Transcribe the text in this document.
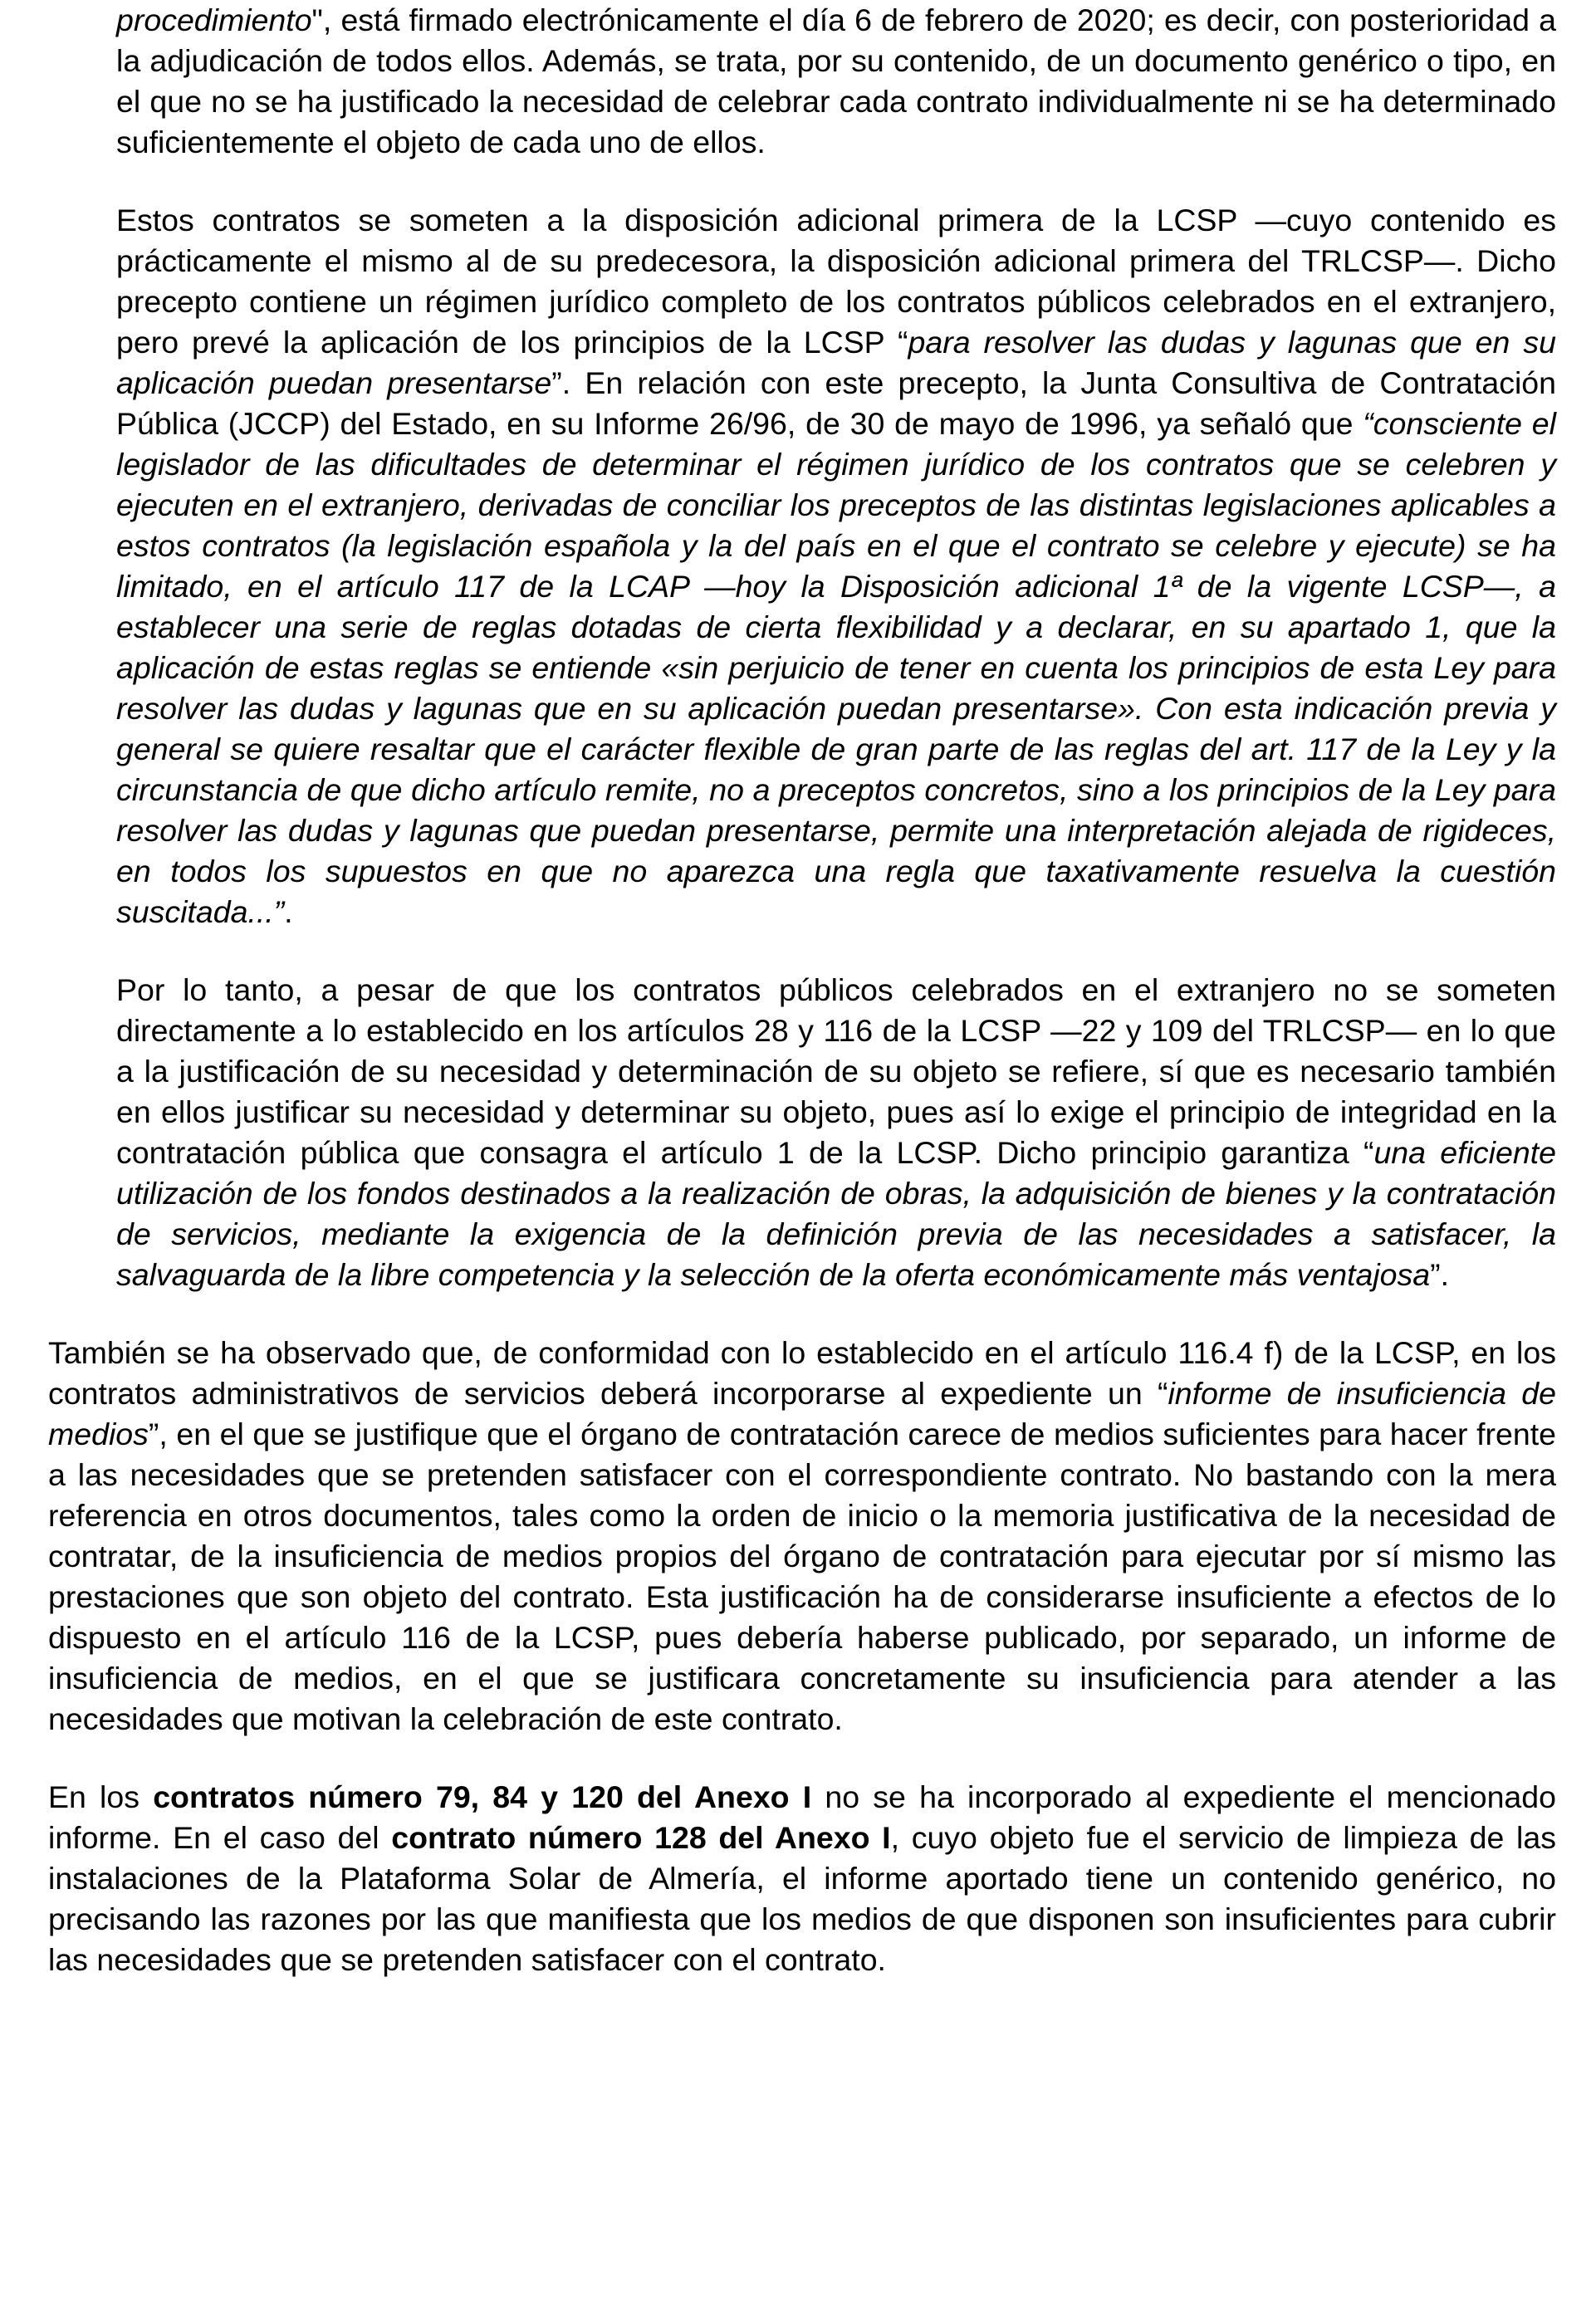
procedimiento", está firmado electrónicamente el día 6 de febrero de 2020; es decir, con posterioridad a la adjudicación de todos ellos. Además, se trata, por su contenido, de un documento genérico o tipo, en el que no se ha justificado la necesidad de celebrar cada contrato individualmente ni se ha determinado suficientemente el objeto de cada uno de ellos.

Estos contratos se someten a la disposición adicional primera de la LCSP —cuyo contenido es prácticamente el mismo al de su predecesora, la disposición adicional primera del TRLCSP—. Dicho precepto contiene un régimen jurídico completo de los contratos públicos celebrados en el extranjero, pero prevé la aplicación de los principios de la LCSP “para resolver las dudas y lagunas que en su aplicación puedan presentarse”. En relación con este precepto, la Junta Consultiva de Contratación Pública (JCCP) del Estado, en su Informe 26/96, de 30 de mayo de 1996, ya señaló que “consciente el legislador de las dificultades de determinar el régimen jurídico de los contratos que se celebren y ejecuten en el extranjero, derivadas de conciliar los preceptos de las distintas legislaciones aplicables a estos contratos (la legislación española y la del país en el que el contrato se celebre y ejecute) se ha limitado, en el artículo 117 de la LCAP —hoy la Disposición adicional 1ª de la vigente LCSP—, a establecer una serie de reglas dotadas de cierta flexibilidad y a declarar, en su apartado 1, que la aplicación de estas reglas se entiende «sin perjuicio de tener en cuenta los principios de esta Ley para resolver las dudas y lagunas que en su aplicación puedan presentarse». Con esta indicación previa y general se quiere resaltar que el carácter flexible de gran parte de las reglas del art. 117 de la Ley y la circunstancia de que dicho artículo remite, no a preceptos concretos, sino a los principios de la Ley para resolver las dudas y lagunas que puedan presentarse, permite una interpretación alejada de rigideces, en todos los supuestos en que no aparezca una regla que taxativamente resuelva la cuestión suscitada...”.

Por lo tanto, a pesar de que los contratos públicos celebrados en el extranjero no se someten directamente a lo establecido en los artículos 28 y 116 de la LCSP —22 y 109 del TRLCSP— en lo que a la justificación de su necesidad y determinación de su objeto se refiere, sí que es necesario también en ellos justificar su necesidad y determinar su objeto, pues así lo exige el principio de integridad en la contratación pública que consagra el artículo 1 de la LCSP. Dicho principio garantiza “una eficiente utilización de los fondos destinados a la realización de obras, la adquisición de bienes y la contratación de servicios, mediante la exigencia de la definición previa de las necesidades a satisfacer, la salvaguarda de la libre competencia y la selección de la oferta económicamente más ventajosa”.

También se ha observado que, de conformidad con lo establecido en el artículo 116.4 f) de la LCSP, en los contratos administrativos de servicios deberá incorporarse al expediente un “informe de insuficiencia de medios”, en el que se justifique que el órgano de contratación carece de medios suficientes para hacer frente a las necesidades que se pretenden satisfacer con el correspondiente contrato. No bastando con la mera referencia en otros documentos, tales como la orden de inicio o la memoria justificativa de la necesidad de contratar, de la insuficiencia de medios propios del órgano de contratación para ejecutar por sí mismo las prestaciones que son objeto del contrato. Esta justificación ha de considerarse insuficiente a efectos de lo dispuesto en el artículo 116 de la LCSP, pues debería haberse publicado, por separado, un informe de insuficiencia de medios, en el que se justificara concretamente su insuficiencia para atender a las necesidades que motivan la celebración de este contrato.

En los contratos número 79, 84 y 120 del Anexo I no se ha incorporado al expediente el mencionado informe. En el caso del contrato número 128 del Anexo I, cuyo objeto fue el servicio de limpieza de las instalaciones de la Plataforma Solar de Almería, el informe aportado tiene un contenido genérico, no precisando las razones por las que manifiesta que los medios de que disponen son insuficientes para cubrir las necesidades que se pretenden satisfacer con el contrato.
